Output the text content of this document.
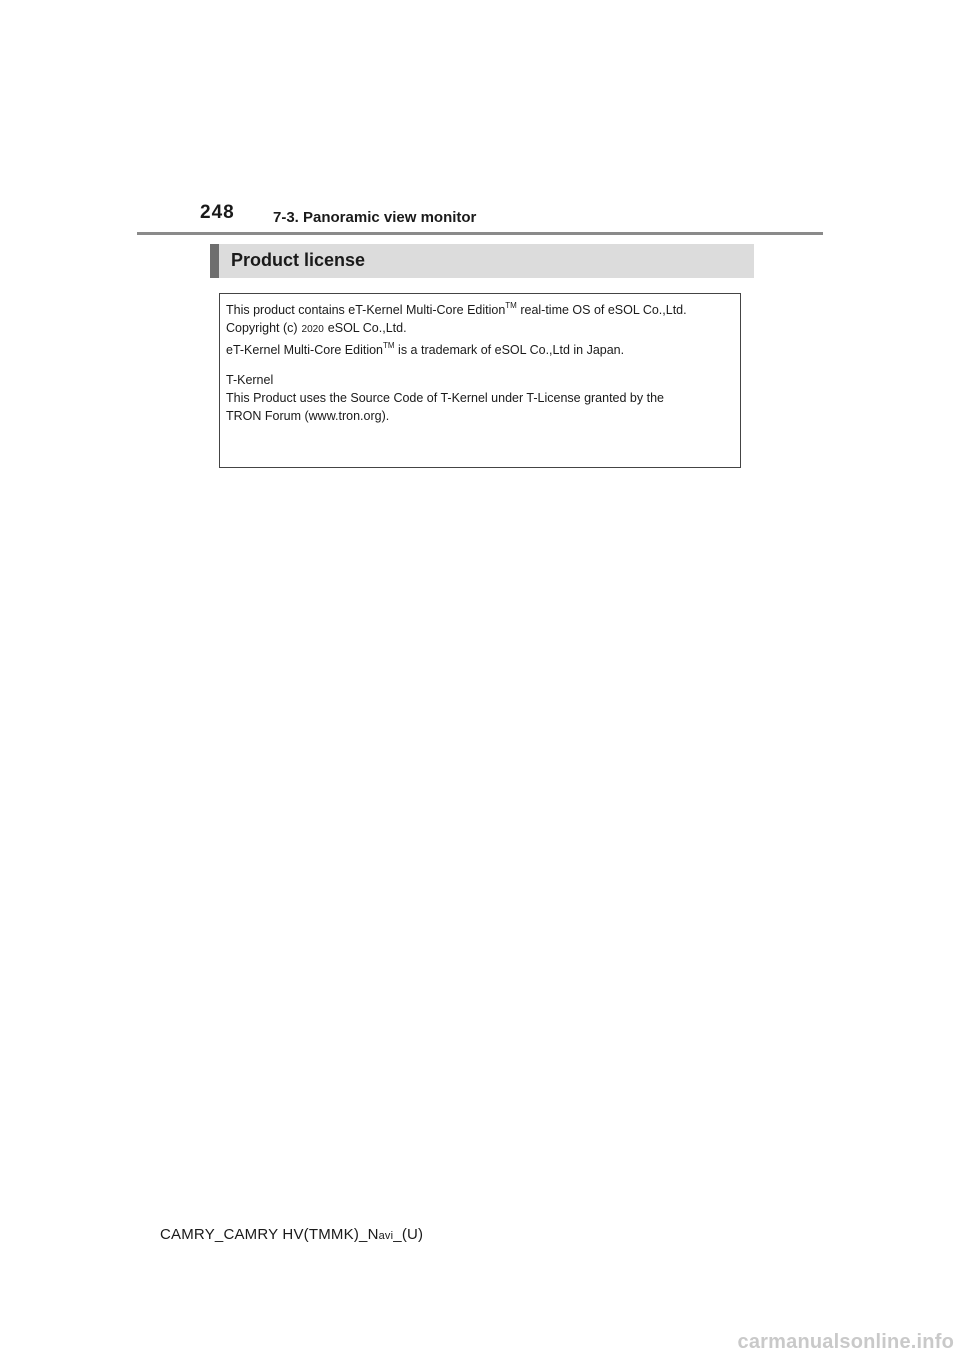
248	7-3. Panoramic view monitor
Product license
This product contains eT-Kernel Multi-Core Edition™ real-time OS of eSOL Co.,Ltd.
Copyright (c) 2020 eSOL Co.,Ltd.
eT-Kernel Multi-Core Edition™ is a trademark of eSOL Co.,Ltd in Japan.
T-Kernel
This Product uses the Source Code of T-Kernel under T-License granted by the
TRON Forum (www.tron.org).
CAMRY_CAMRY HV(TMMK)_Navi_(U)
carmanualsonline.info
